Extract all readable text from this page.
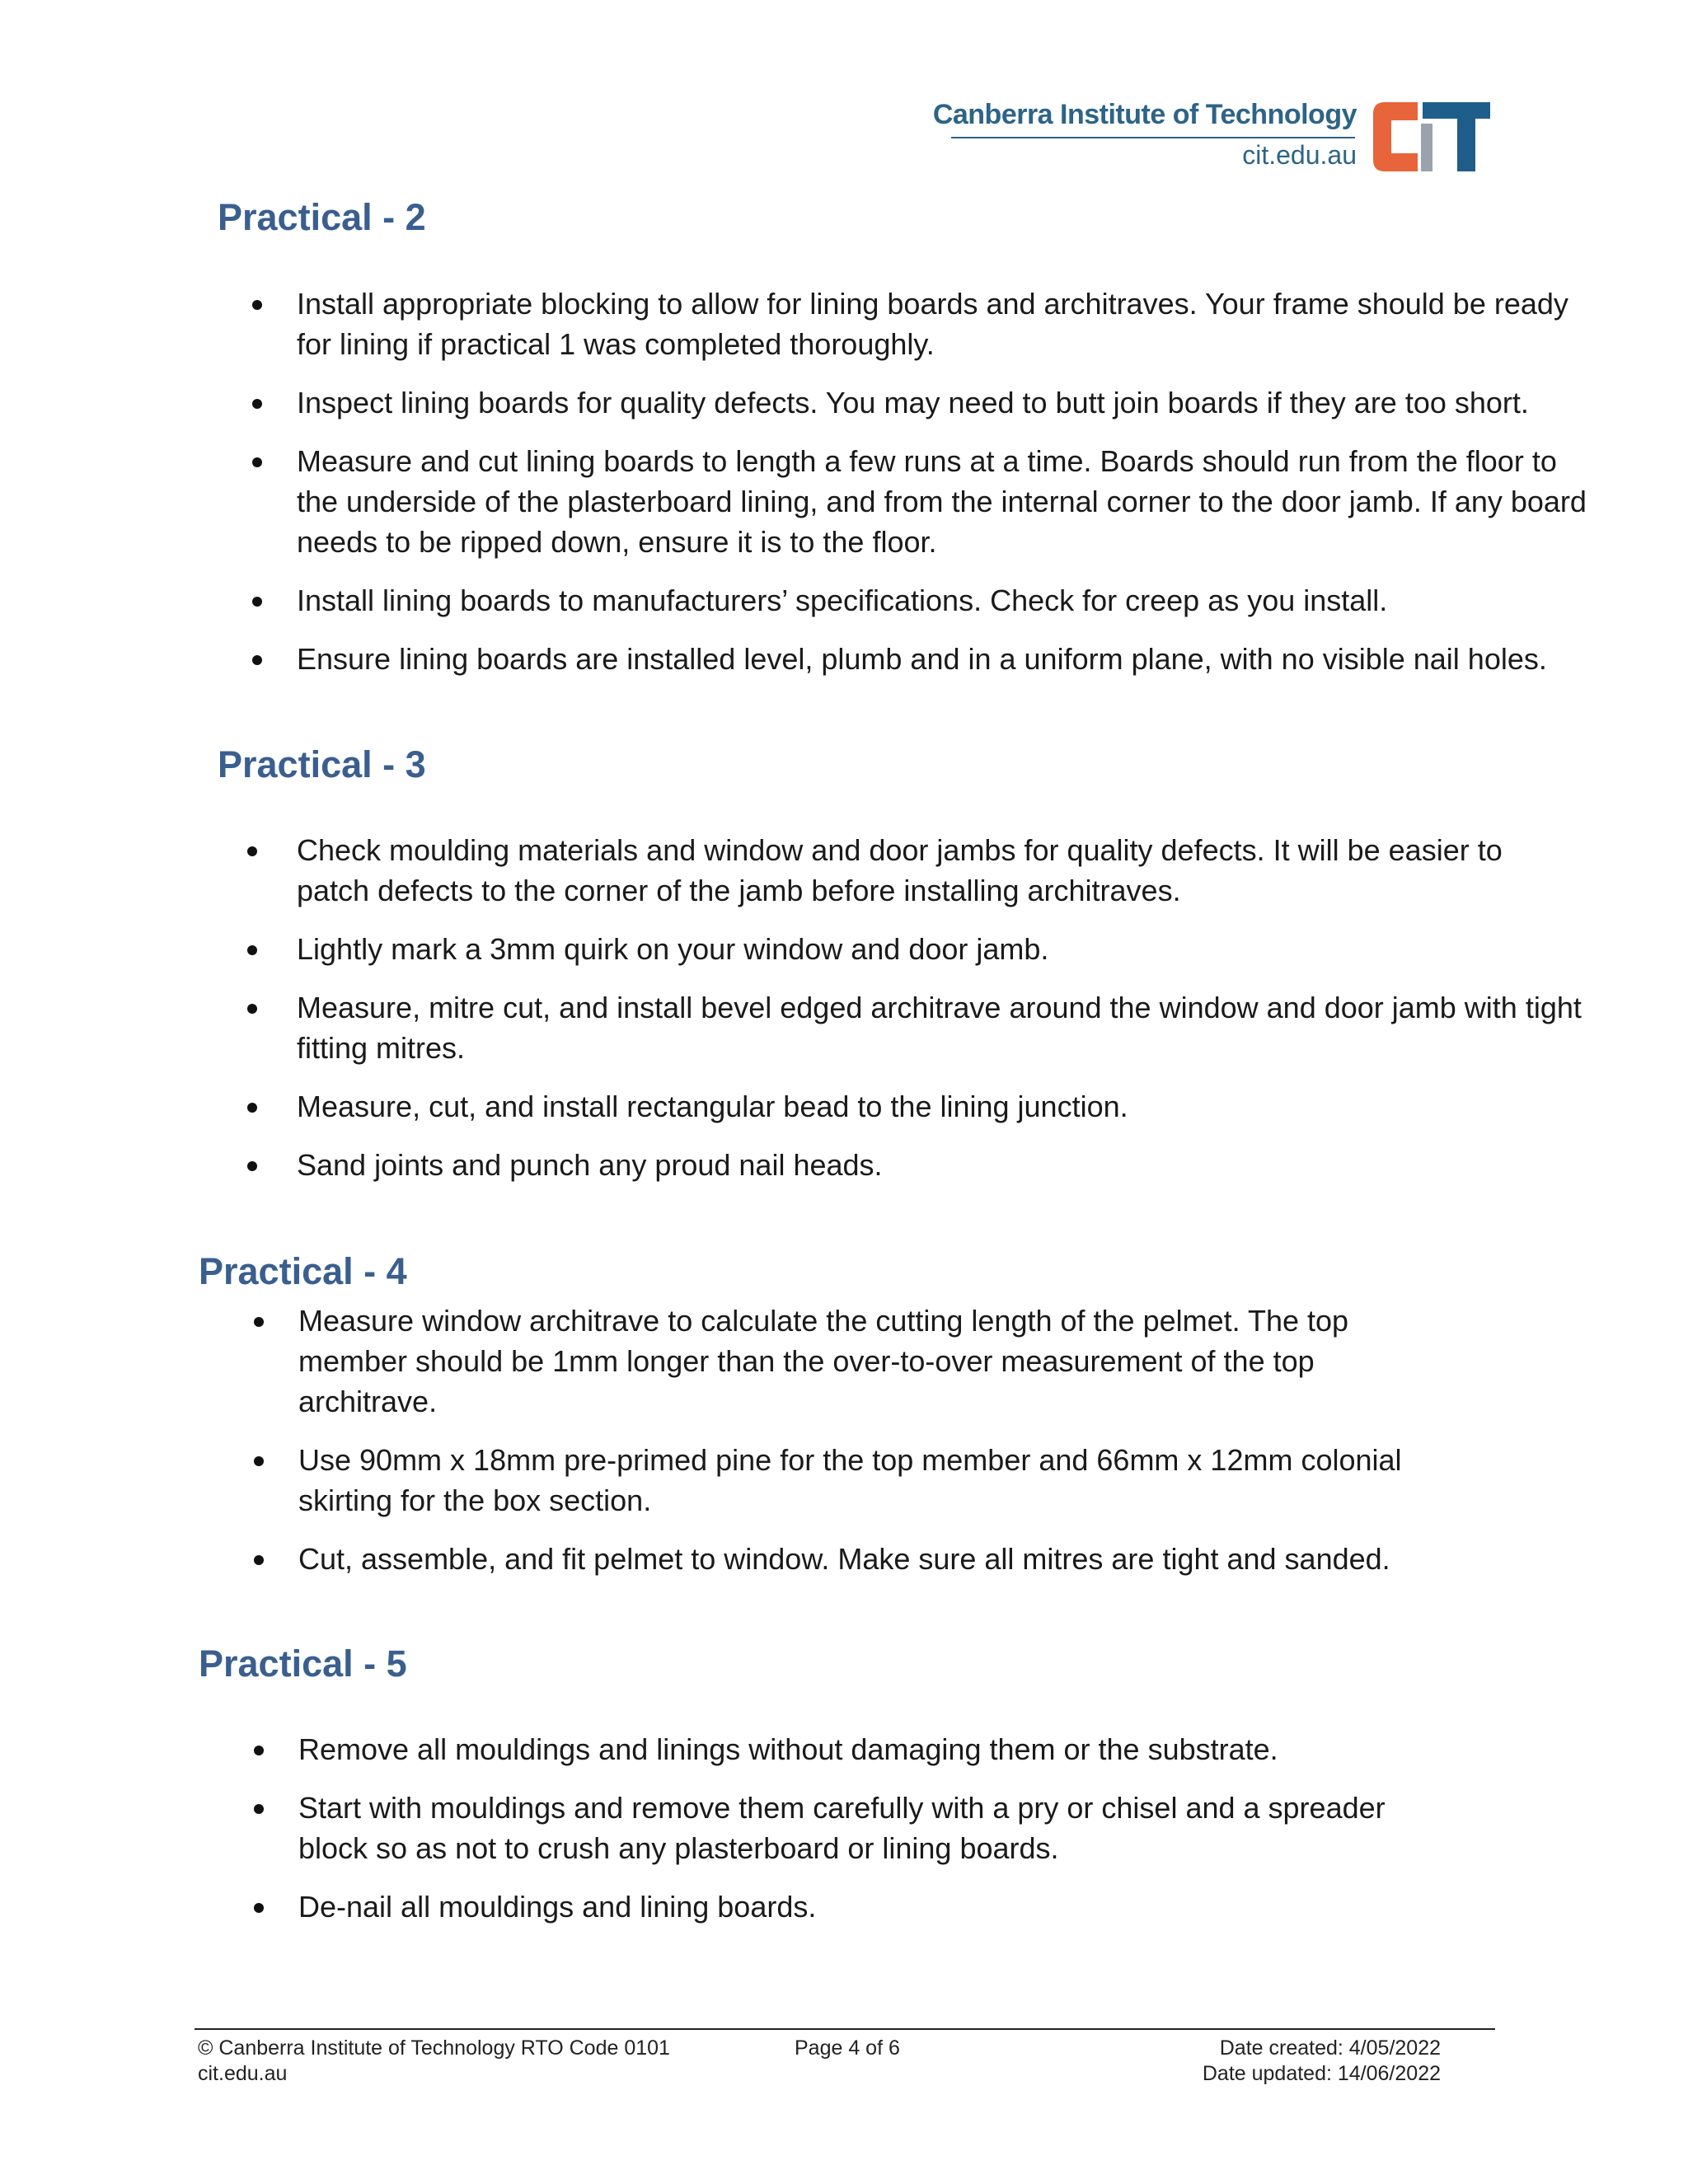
Canberra Institute of Technology
cit.edu.au
Practical - 2
Install appropriate blocking to allow for lining boards and architraves. Your frame should be ready for lining if practical 1 was completed thoroughly.
Inspect lining boards for quality defects. You may need to butt join boards if they are too short.
Measure and cut lining boards to length a few runs at a time. Boards should run from the floor to the underside of the plasterboard lining, and from the internal corner to the door jamb. If any board needs to be ripped down, ensure it is to the floor.
Install lining boards to manufacturers’ specifications. Check for creep as you install.
Ensure lining boards are installed level, plumb and in a uniform plane, with no visible nail holes.
Practical - 3
Check moulding materials and window and door jambs for quality defects. It will be easier to patch defects to the corner of the jamb before installing architraves.
Lightly mark a 3mm quirk on your window and door jamb.
Measure, mitre cut, and install bevel edged architrave around the window and door jamb with tight fitting mitres.
Measure, cut, and install rectangular bead to the lining junction.
Sand joints and punch any proud nail heads.
Practical - 4
Measure window architrave to calculate the cutting length of the pelmet. The top member should be 1mm longer than the over-to-over measurement of the top architrave.
Use 90mm x 18mm pre-primed pine for the top member and 66mm x 12mm colonial skirting for the box section.
Cut, assemble, and fit pelmet to window. Make sure all mitres are tight and sanded.
Practical - 5
Remove all mouldings and linings without damaging them or the substrate.
Start with mouldings and remove them carefully with a pry or chisel and a spreader block so as not to crush any plasterboard or lining boards.
De-nail all mouldings and lining boards.
© Canberra Institute of Technology RTO Code 0101
cit.edu.au
Page 4 of 6	Date created: 4/05/2022
Date updated: 14/06/2022
